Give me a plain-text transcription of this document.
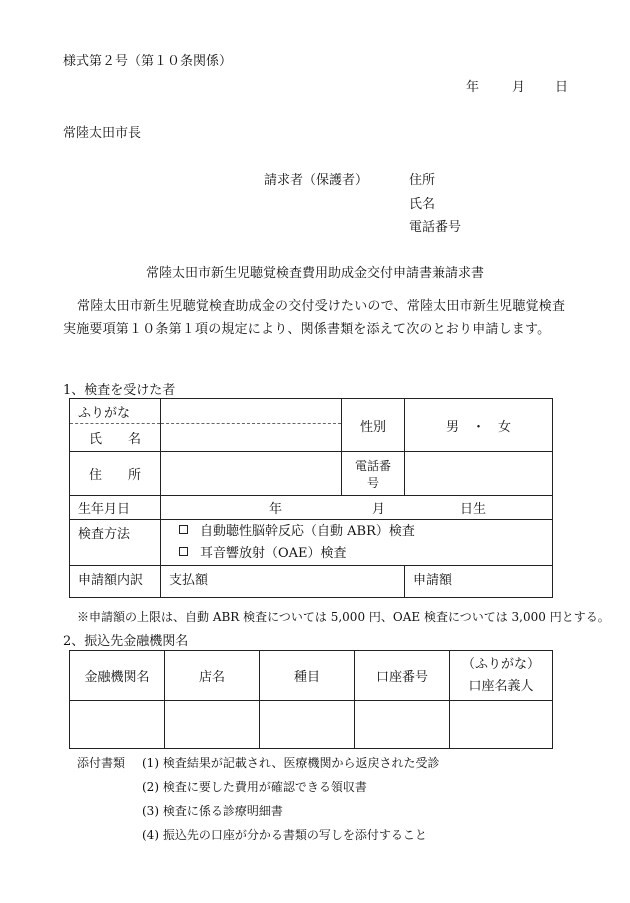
様式第２号（第１０条関係）
年	月 日
常陸太田市長
請求者（保護者）	住所
氏名
電話番号
常陸太田市新生児聴覚検査費用助成金交付申請書兼請求書
常陸太田市新生児聴覚検査助成金の交付受けたいので、常陸太田市新生児聴覚検査実施要項第１０条第１項の規定により、関係書類を添えて次のとおり申請します。
1、検査を受けた者
ふりがな		性別	男　・　女
氏　　名			
住　　所		電話番号	
生年月日	年 月 日生		
検査方法	自動聴性脳幹反応（自動 ABR）検査
耳音響放射（OAE）検査		

申請額内訳	支払額		申請額
※申請額の上限は、自動 ABR 検査については 5,000 円、OAE 検査については 3,000 円とする。
2、振込先金融機関名
金融機関名	店名	種目	口座番号	（ふりがな）
口座名義人

添付書類 (1) 検査結果が記載され、医療機関から返戻された受診
(2) 検査に要した費用が確認できる領収書
(3) 検査に係る診療明細書
(4) 振込先の口座が分かる書類の写しを添付すること
